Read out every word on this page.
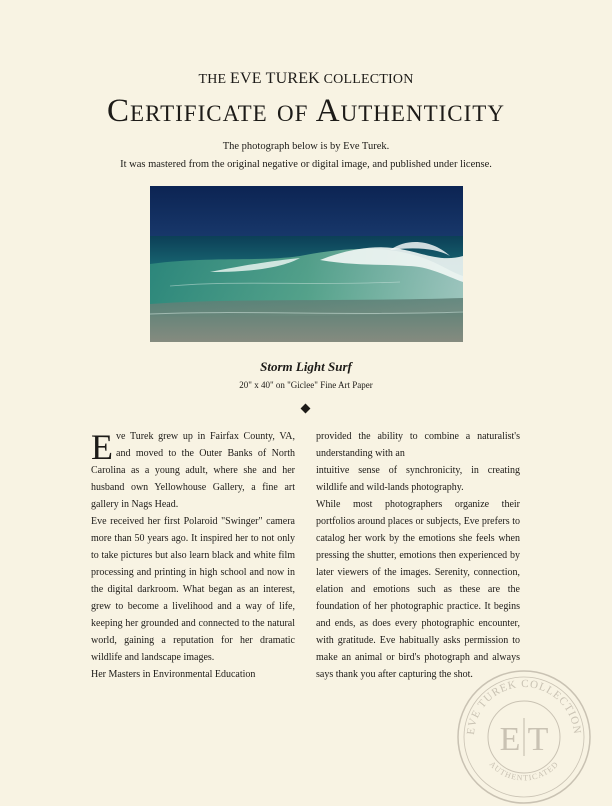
THE EVE TUREK COLLECTION
Certificate of Authenticity
The photograph below is by Eve Turek.
It was mastered from the original negative or digital image, and published under license.
Storm Light Surf
20" x 40" on "Giclee" Fine Art Paper

Eve Turek grew up in Fairfax County, VA, and moved to the Outer Banks of North Carolina as a young adult, where she and her husband own Yellowhouse Gallery, a fine art gallery in Nags Head.

Eve received her first Polaroid "Swinger" camera more than 50 years ago. It inspired her to not only to take pictures but also learn black and white film processing and printing in high school and now in the digital darkroom. What began as an interest, grew to become a livelihood and a way of life, keeping her grounded and connected to the natural world, gaining a reputation for her dramatic wildlife and landscape images.

Her Masters in Environmental Education

provided the ability to combine a naturalist's understanding with an

intuitive sense of synchronicity, in creating wildlife and wild-lands photography.

While most photographers organize their portfolios around places or subjects, Eve prefers to catalog her work by the emotions she feels when pressing the shutter, emotions then experienced by later viewers of the images. Serenity, connection, elation and emotions such as these are the foundation of her photographic practice. It begins and ends, as does every photographic encounter, with gratitude. Eve habitually asks permission to make an animal or bird's photograph and always says thank you after capturing the shot.

EVE TUREK COLLECTION
AUTHENTICATED
E T
